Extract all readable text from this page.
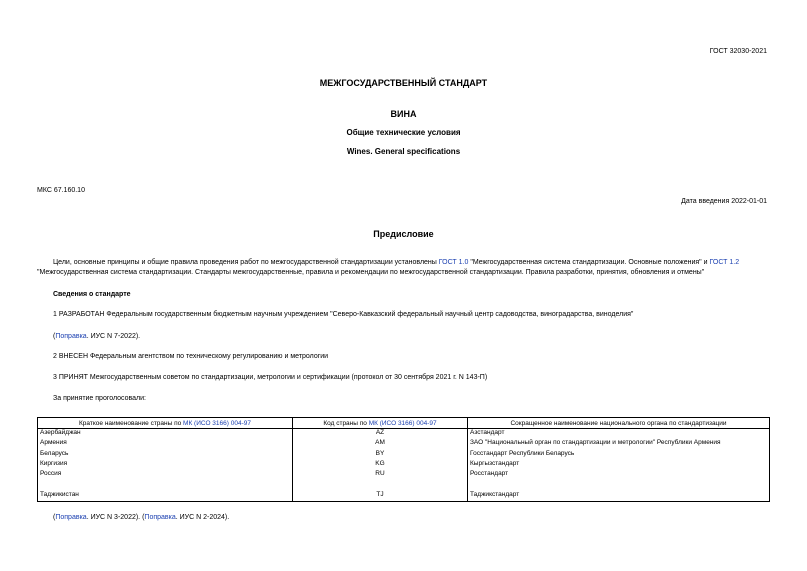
ГОСТ 32030-2021
МЕЖГОСУДАРСТВЕННЫЙ СТАНДАРТ
ВИНА
Общие технические условия
Wines. General specifications
МКС 67.160.10
Дата введения 2022-01-01
Предисловие
Цели, основные принципы и общие правила проведения работ по межгосударственной стандартизации установлены ГОСТ 1.0 "Межгосударственная система стандартизации. Основные положения" и ГОСТ 1.2 "Межгосударственная система стандартизации. Стандарты межгосударственные, правила и рекомендации по межгосударственной стандартизации. Правила разработки, принятия, обновления и отмены"
Сведения о стандарте
1 РАЗРАБОТАН Федеральным государственным бюджетным научным учреждением "Северо-Кавказский федеральный научный центр садоводства, виноградарства, виноделия"
(Поправка. ИУС N 7-2022).
2 ВНЕСЕН Федеральным агентством по техническому регулированию и метрологии
3 ПРИНЯТ Межгосударственным советом по стандартизации, метрологии и сертификации (протокол от 30 сентября 2021 г. N 143-П)
За принятие проголосовали:
Краткое наименование страны по МК (ИСО 3166) 004-97	Код страны по МК (ИСО 3166) 004-97	Сокращенное наименование национального органа по стандартизации
Азербайджан	AZ	Азстандарт
Армения	AM	ЗАО "Национальный орган по стандартизации и метрологии" Республики Армения
Беларусь	BY	Госстандарт Республики Беларусь
Киргизия	KG	Кыргызстандарт
Россия	RU	Росстандарт

Таджикистан	TJ	Таджикстандарт
(Поправка. ИУС N 3-2022). (Поправка. ИУС N 2-2024).
